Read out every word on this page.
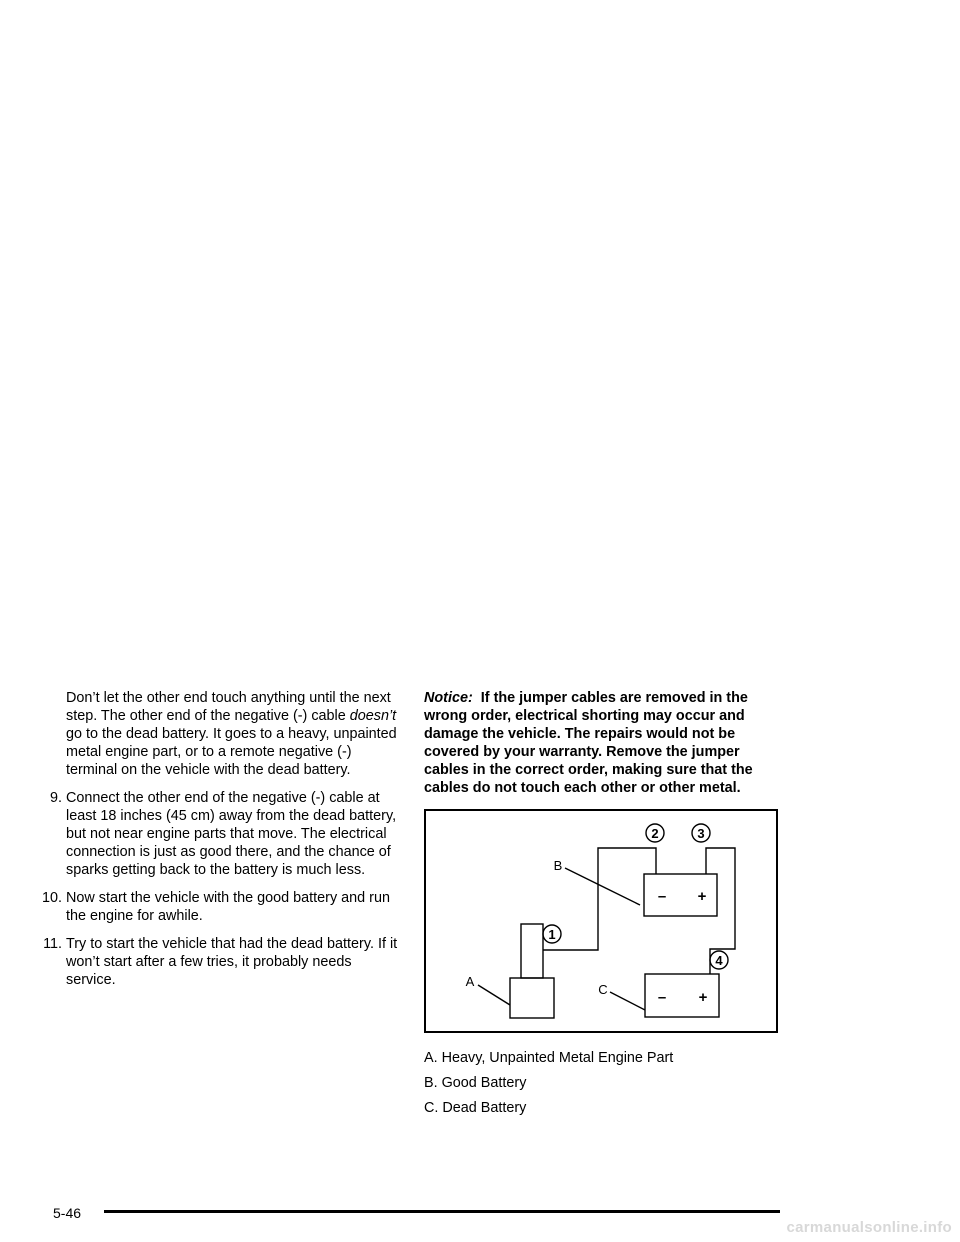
Don’t let the other end touch anything until the next step. The other end of the negative (-) cable doesn’t go to the dead battery. It goes to a heavy, unpainted metal engine part, or to a remote negative (-) terminal on the vehicle with the dead battery.

9. Connect the other end of the negative (-) cable at least 18 inches (45 cm) away from the dead battery, but not near engine parts that move. The electrical connection is just as good there, and the chance of sparks getting back to the battery is much less.
10. Now start the vehicle with the good battery and run the engine for awhile.
11. Try to start the vehicle that had the dead battery. If it won’t start after a few tries, it probably needs service.

Notice: If the jumper cables are removed in the wrong order, electrical shorting may occur and damage the vehicle. The repairs would not be covered by your warranty. Remove the jumper cables in the correct order, making sure that the cables do not touch each other or other metal.

2	3
1
4
– +
– +
B
A
C

A. Heavy, Unpainted Metal Engine Part

B. Good Battery

C. Dead Battery

5-46
carmanualsonline.info
